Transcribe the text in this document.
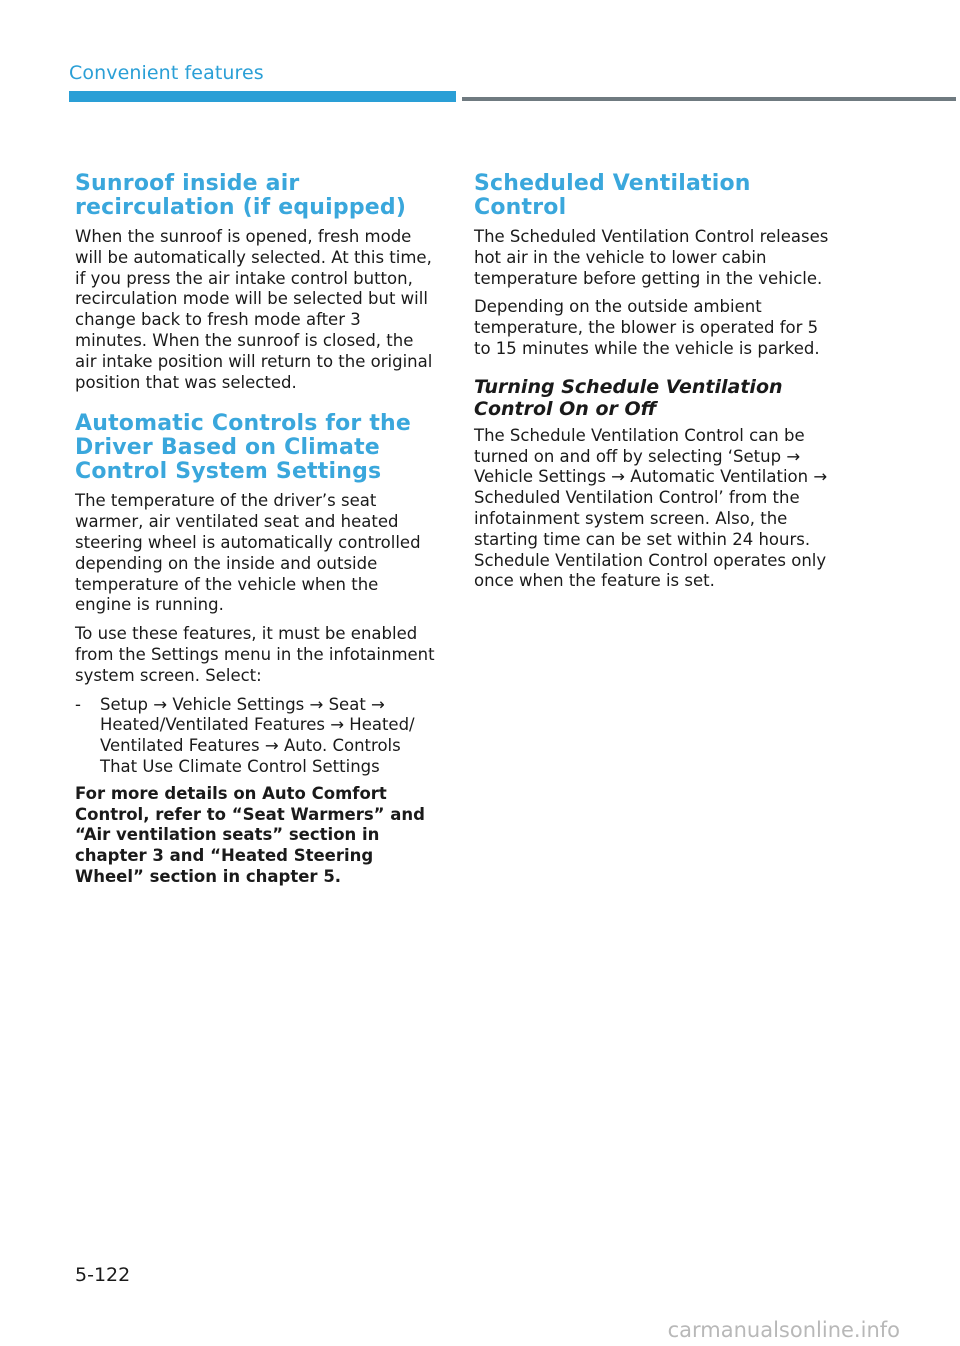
Convenient features
Sunroof inside air recirculation (if equipped)

When the sunroof is opened, fresh mode will be automatically selected. At this time, if you press the air intake control button, recirculation mode will be selected but will change back to fresh mode after 3 minutes. When the sunroof is closed, the air intake position will return to the original position that was selected.

Automatic Controls for the Driver Based on Climate Control System Settings

The temperature of the driver’s seat warmer, air ventilated seat and heated steering wheel is automatically controlled depending on the inside and outside temperature of the vehicle when the engine is running.

To use these features, it must be enabled from the Settings menu in the infotainment system screen. Select:

-	Setup → Vehicle Settings → Seat → Heated/Ventilated Features → Heated/ Ventilated Features → Auto. Controls That Use Climate Control Settings

For more details on Auto Comfort Control, refer to “Seat Warmers” and “Air ventilation seats” section in chapter 3 and “Heated Steering Wheel” section in chapter 5.

Scheduled Ventilation Control

The Scheduled Ventilation Control releases hot air in the vehicle to lower cabin temperature before getting in the vehicle.

Depending on the outside ambient temperature, the blower is operated for 5 to 15 minutes while the vehicle is parked.

Turning Schedule Ventilation Control On or Off

The Schedule Ventilation Control can be turned on and off by selecting ‘Setup → Vehicle Settings → Automatic Ventilation → Scheduled Ventilation Control’ from the infotainment system screen. Also, the starting time can be set within 24 hours. Schedule Ventilation Control operates only once when the feature is set.

5-122
carmanualsonline.info
